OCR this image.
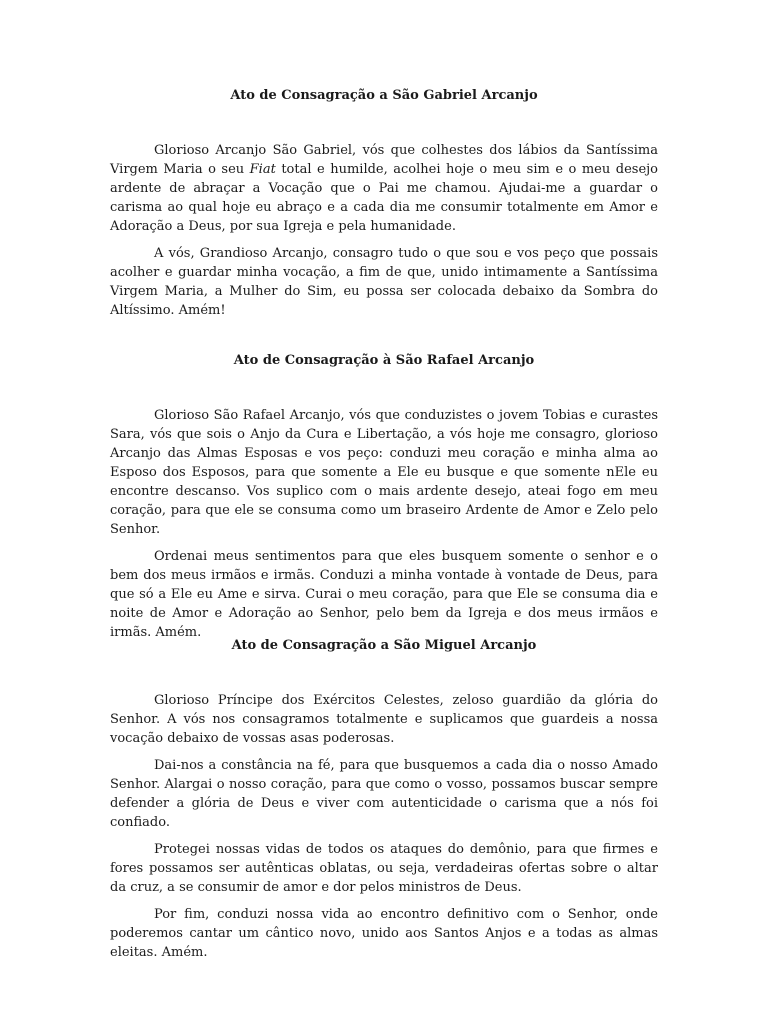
Ato de Consagração a São Gabriel Arcanjo

Glorioso Arcanjo São Gabriel, vós que colhestes dos lábios da Santíssima Virgem Maria o seu Fiat total e humilde, acolhei hoje o meu sim e o meu desejo ardente de abraçar a Vocação que o Pai me chamou. Ajudai-me a guardar o carisma ao qual hoje eu abraço e a cada dia me consumir totalmente em Amor e Adoração a Deus, por sua Igreja e pela humanidade.

A vós, Grandioso Arcanjo, consagro tudo o que sou e vos peço que possais acolher e guardar minha vocação, a fim de que, unido intimamente a Santíssima Virgem Maria, a Mulher do Sim, eu possa ser colocada debaixo da Sombra do Altíssimo. Amém!

Ato de Consagração à São Rafael Arcanjo

Glorioso São Rafael Arcanjo, vós que conduzistes o jovem Tobias e curastes Sara, vós que sois o Anjo da Cura e Libertação, a vós hoje me consagro, glorioso Arcanjo das Almas Esposas e vos peço: conduzi meu coração e minha alma ao Esposo dos Esposos, para que somente a Ele eu busque e que somente nEle eu encontre descanso. Vos suplico com o mais ardente desejo, ateai fogo em meu coração, para que ele se consuma como um braseiro Ardente de Amor e Zelo pelo Senhor.

Ordenai meus sentimentos para que eles busquem somente o senhor e o bem dos meus irmãos e irmãs. Conduzi a minha vontade à vontade de Deus, para que só a Ele eu Ame e sirva. Curai o meu coração, para que Ele se consuma dia e noite de Amor e Adoração ao Senhor, pelo bem da Igreja e dos meus irmãos e irmãs. Amém.

Ato de Consagração a São Miguel Arcanjo

Glorioso Príncipe dos Exércitos Celestes, zeloso guardião da glória do Senhor. A vós nos consagramos totalmente e suplicamos que guardeis a nossa vocação debaixo de vossas asas poderosas.

Dai-nos a constância na fé, para que busquemos a cada dia o nosso Amado Senhor. Alargai o nosso coração, para que como o vosso, possamos buscar sempre defender a glória de Deus e viver com autenticidade o carisma que a nós foi confiado.

Protegei nossas vidas de todos os ataques do demônio, para que firmes e fores possamos ser autênticas oblatas, ou seja, verdadeiras ofertas sobre o altar da cruz, a se consumir de amor e dor pelos ministros de Deus.

Por fim, conduzi nossa vida ao encontro definitivo com o Senhor, onde poderemos cantar um cântico novo, unido aos Santos Anjos e a todas as almas eleitas. Amém.
